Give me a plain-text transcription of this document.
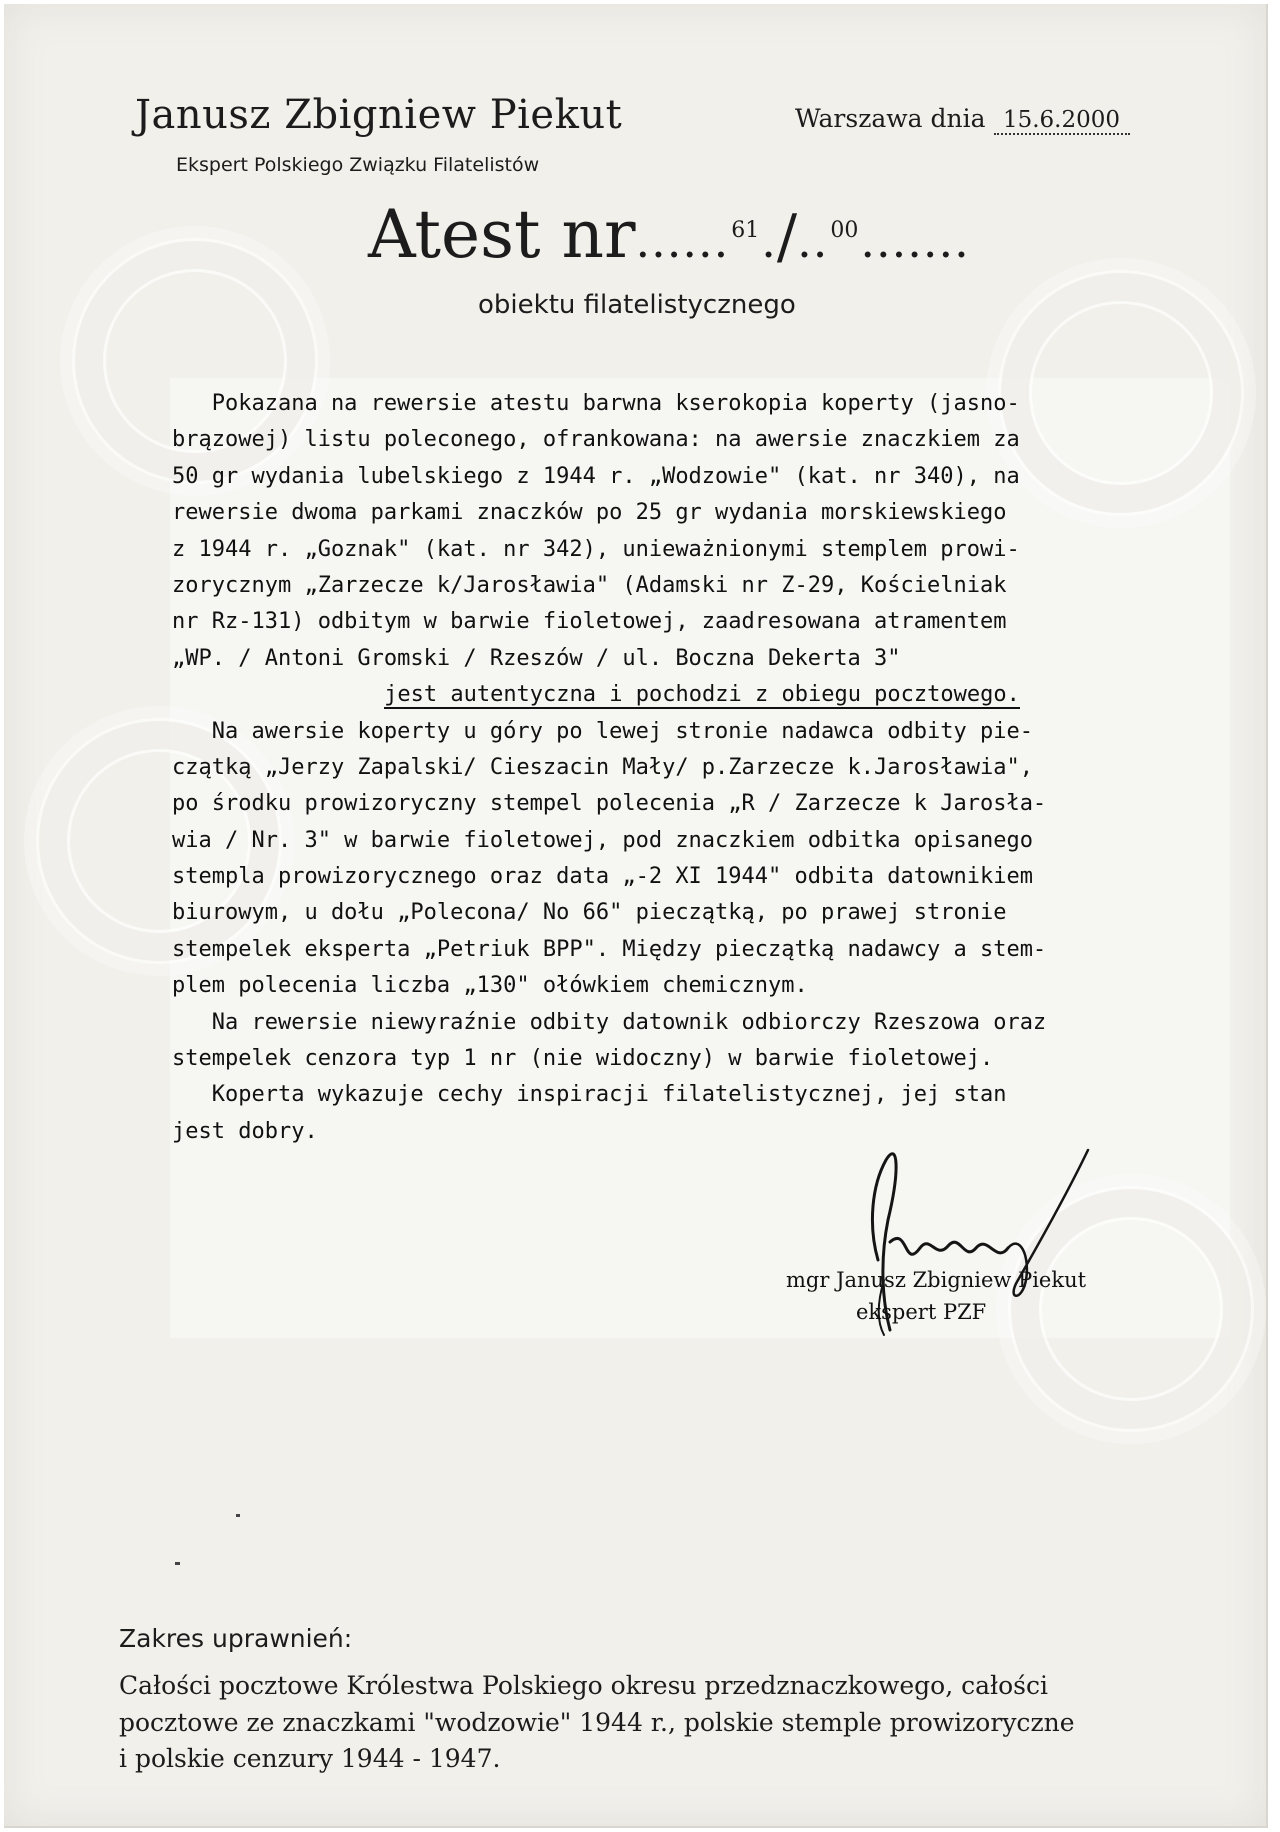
Janusz Zbigniew Piekut
Ekspert Polskiego Związku Filatelistów
Warszawa dnia 15.6.2000
Atest nr......$^{61}$./..$^{00}$.......
obiektu filatelistycznego
Pokazana na rewersie atestu barwna kserokopia koperty (jasno-
brązowej) listu poleconego, ofrankowana: na awersie znaczkiem za
50 gr wydania lubelskiego z 1944 r. „Wodzowie" (kat. nr 340), na
rewersie dwoma parkami znaczków po 25 gr wydania morskiewskiego
z 1944 r. „Goznak" (kat. nr 342), unieważnionymi stemplem prowi-
zorycznym „Zarzecze k/Jarosławia" (Adamski nr Z-29, Kościelniak
nr Rz-131) odbitym w barwie fioletowej, zaadresowana atramentem
„WP. / Antoni Gromski / Rzeszów / ul. Boczna Dekerta 3"
jest autentyczna i pochodzi z obiegu pocztowego.
Na awersie koperty u góry po lewej stronie nadawca odbity pie-
czątką „Jerzy Zapalski/ Cieszacin Mały/ p.Zarzecze k.Jarosławia",
po środku prowizoryczny stempel polecenia „R / Zarzecze k Jarosła-
wia / Nr. 3" w barwie fioletowej, pod znaczkiem odbitka opisanego
stempla prowizorycznego oraz data „-2 XI 1944" odbita datownikiem
biurowym, u dołu „Polecona/ No 66" pieczątką, po prawej stronie
stempelek eksperta „Petriuk BPP". Między pieczątką nadawcy a stem-
plem polecenia liczba „130" ołówkiem chemicznym.
Na rewersie niewyraźnie odbity datownik odbiorczy Rzeszowa oraz
stempelek cenzora typ 1 nr (nie widoczny) w barwie fioletowej.
Koperta wykazuje cechy inspiracji filatelistycznej, jej stan
jest dobry.
mgr Janusz Zbigniew Piekut
ekspert PZF
Zakres uprawnień:
Całości pocztowe Królestwa Polskiego okresu przedznaczkowego, całości
pocztowe ze znaczkami "wodzowie" 1944 r., polskie stemple prowizoryczne
i polskie cenzury 1944 - 1947.
